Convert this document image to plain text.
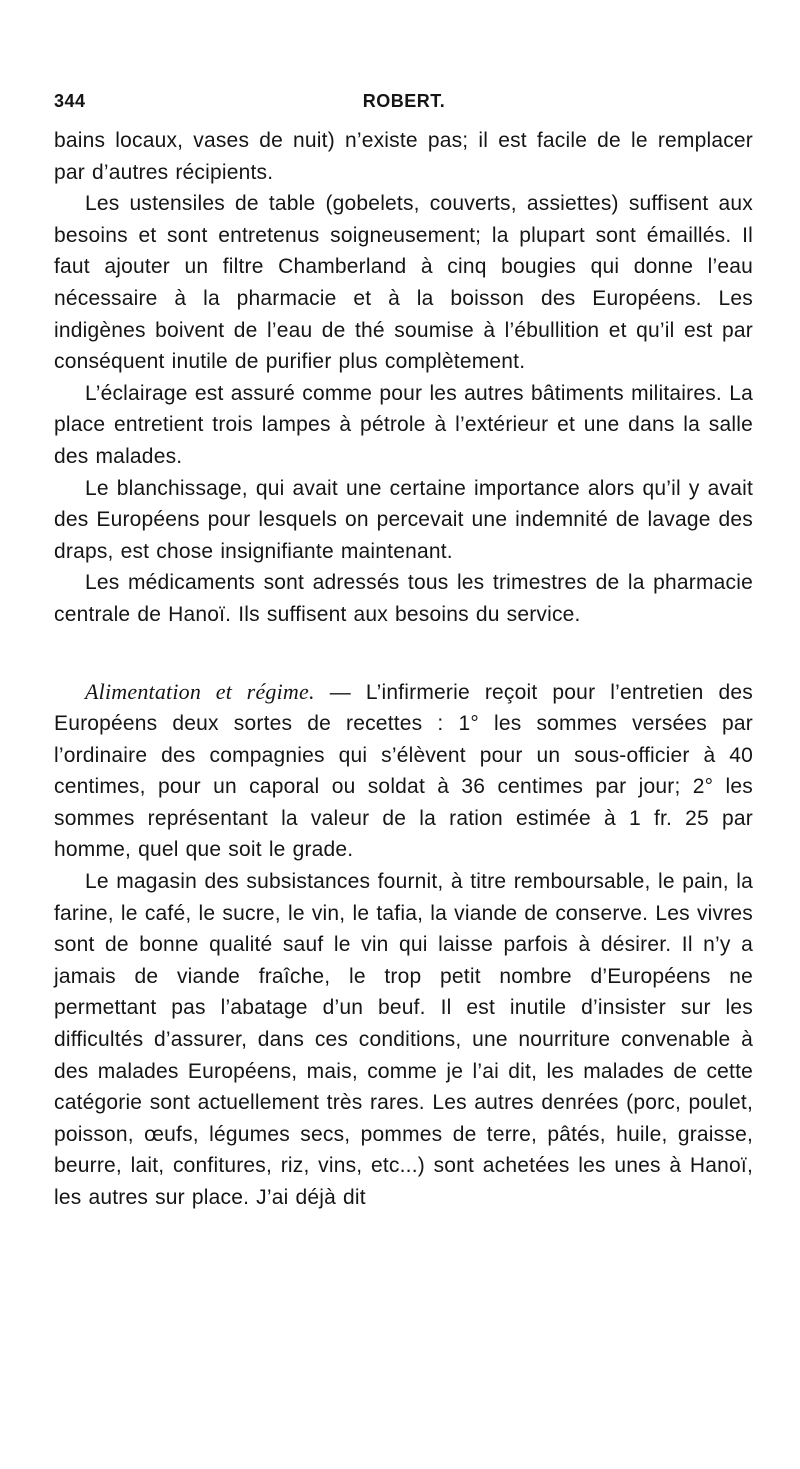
344	ROBERT.

bains locaux, vases de nuit) n’existe pas; il est facile de le remplacer par d’autres récipients.

Les ustensiles de table (gobelets, couverts, assiettes) suffisent aux besoins et sont entretenus soigneusement; la plupart sont émaillés. Il faut ajouter un filtre Chamberland à cinq bougies qui donne l’eau nécessaire à la pharmacie et à la boisson des Européens. Les indigènes boivent de l’eau de thé soumise à l’ébullition et qu’il est par conséquent inutile de purifier plus complètement.

L’éclairage est assuré comme pour les autres bâtiments militaires. La place entretient trois lampes à pétrole à l’extérieur et une dans la salle des malades.

Le blanchissage, qui avait une certaine importance alors qu’il y avait des Européens pour lesquels on percevait une indemnité de lavage des draps, est chose insignifiante maintenant.

Les médicaments sont adressés tous les trimestres de la pharmacie centrale de Hanoï. Ils suffisent aux besoins du service.

Alimentation et régime. — L’infirmerie reçoit pour l’entretien des Européens deux sortes de recettes : 1° les sommes versées par l’ordinaire des compagnies qui s’élèvent pour un sous-officier à 40 centimes, pour un caporal ou soldat à 36 centimes par jour; 2° les sommes représentant la valeur de la ration estimée à 1 fr. 25 par homme, quel que soit le grade.

Le magasin des subsistances fournit, à titre remboursable, le pain, la farine, le café, le sucre, le vin, le tafia, la viande de conserve. Les vivres sont de bonne qualité sauf le vin qui laisse parfois à désirer. Il n’y a jamais de viande fraîche, le trop petit nombre d’Européens ne permettant pas l’abatage d’un beuf. Il est inutile d’insister sur les difficultés d’assurer, dans ces conditions, une nourriture convenable à des malades Européens, mais, comme je l’ai dit, les malades de cette catégorie sont actuellement très rares. Les autres denrées (porc, poulet, poisson, œufs, légumes secs, pommes de terre, pâtés, huile, graisse, beurre, lait, confitures, riz, vins, etc...) sont achetées les unes à Hanoï, les autres sur place. J’ai déjà dit
